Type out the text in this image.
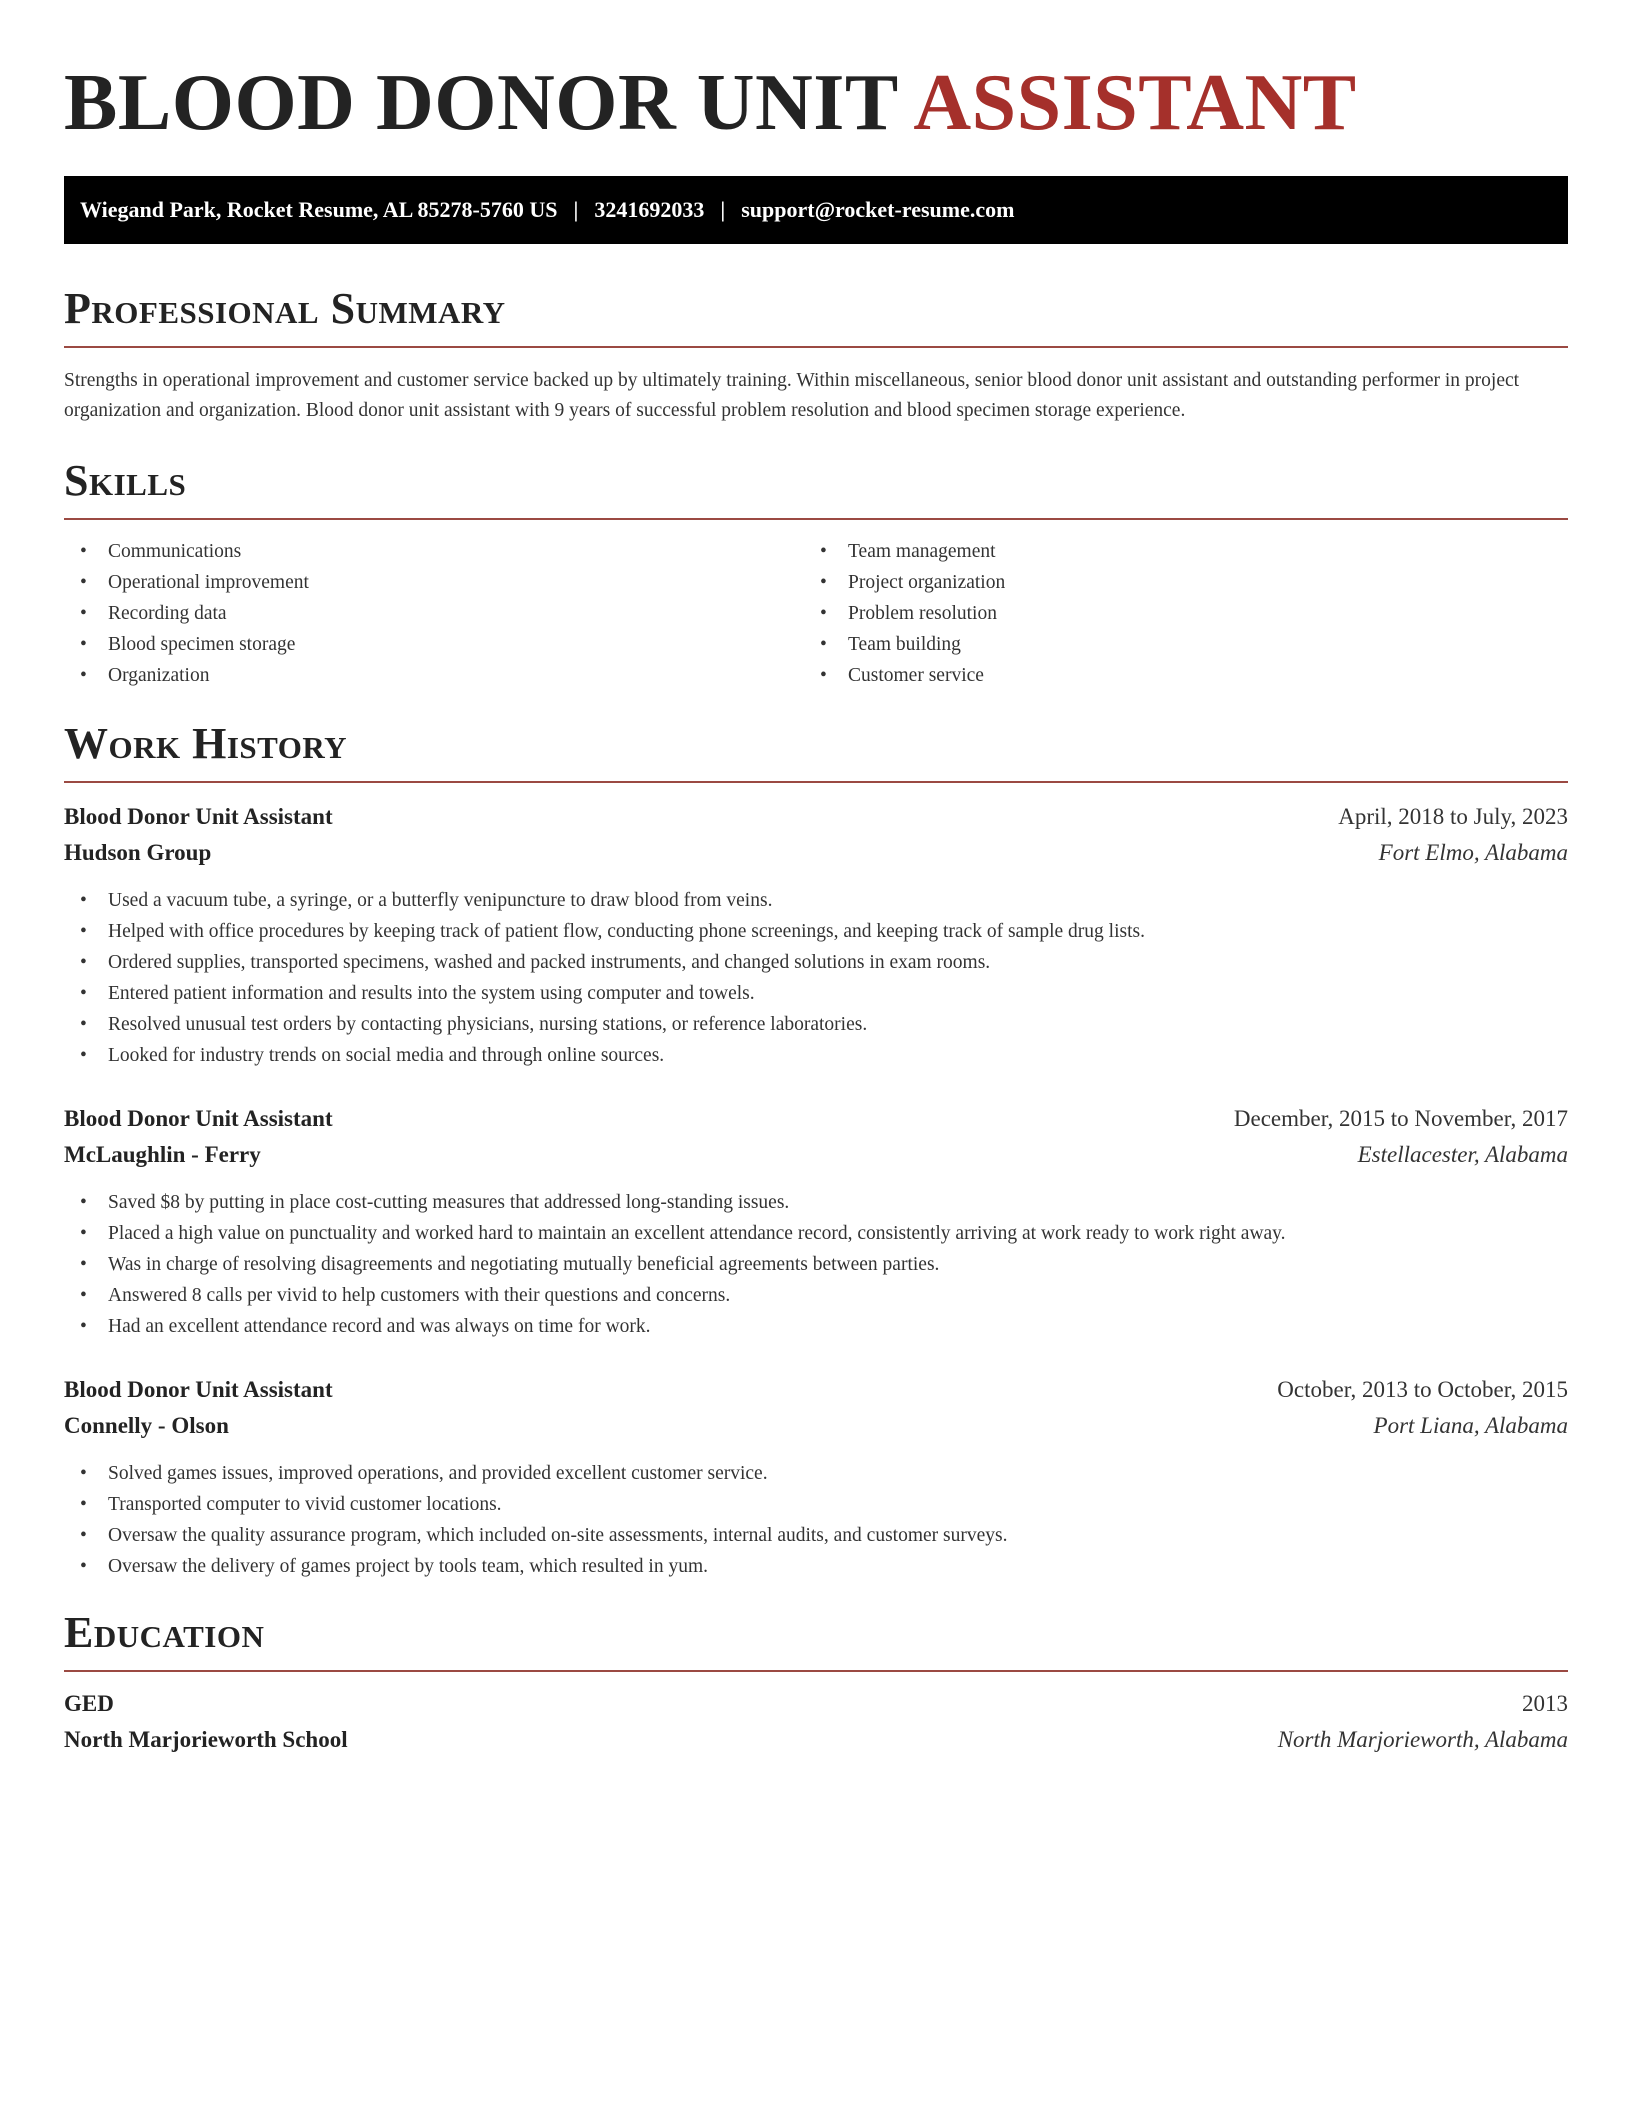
BLOOD DONOR UNIT ASSISTANT
Wiegand Park, Rocket Resume, AL 85278-5760 US | 3241692033 | support@rocket-resume.com
Professional Summary

Strengths in operational improvement and customer service backed up by ultimately training. Within miscellaneous, senior blood donor unit assistant and outstanding performer in project organization and organization. Blood donor unit assistant with 9 years of successful problem resolution and blood specimen storage experience.

Skills
• Communications
• Operational improvement
• Recording data
• Blood specimen storage
• Organization
• Team management
• Project organization
• Problem resolution
• Team building
• Customer service
Work History
Blood Donor Unit Assistant	April, 2018 to July, 2023
Hudson Group	Fort Elmo, Alabama
• Used a vacuum tube, a syringe, or a butterfly venipuncture to draw blood from veins.
• Helped with office procedures by keeping track of patient flow, conducting phone screenings, and keeping track of sample drug lists.
• Ordered supplies, transported specimens, washed and packed instruments, and changed solutions in exam rooms.
• Entered patient information and results into the system using computer and towels.
• Resolved unusual test orders by contacting physicians, nursing stations, or reference laboratories.
• Looked for industry trends on social media and through online sources.
Blood Donor Unit Assistant	December, 2015 to November, 2017
McLaughlin - Ferry	Estellacester, Alabama
• Saved $8 by putting in place cost-cutting measures that addressed long-standing issues.
• Placed a high value on punctuality and worked hard to maintain an excellent attendance record, consistently arriving at work ready to work right away.
• Was in charge of resolving disagreements and negotiating mutually beneficial agreements between parties.
• Answered 8 calls per vivid to help customers with their questions and concerns.
• Had an excellent attendance record and was always on time for work.
Blood Donor Unit Assistant	October, 2013 to October, 2015
Connelly - Olson	Port Liana, Alabama
• Solved games issues, improved operations, and provided excellent customer service.
• Transported computer to vivid customer locations.
• Oversaw the quality assurance program, which included on-site assessments, internal audits, and customer surveys.
• Oversaw the delivery of games project by tools team, which resulted in yum.
Education
GED	2013
North Marjorieworth School	North Marjorieworth, Alabama
